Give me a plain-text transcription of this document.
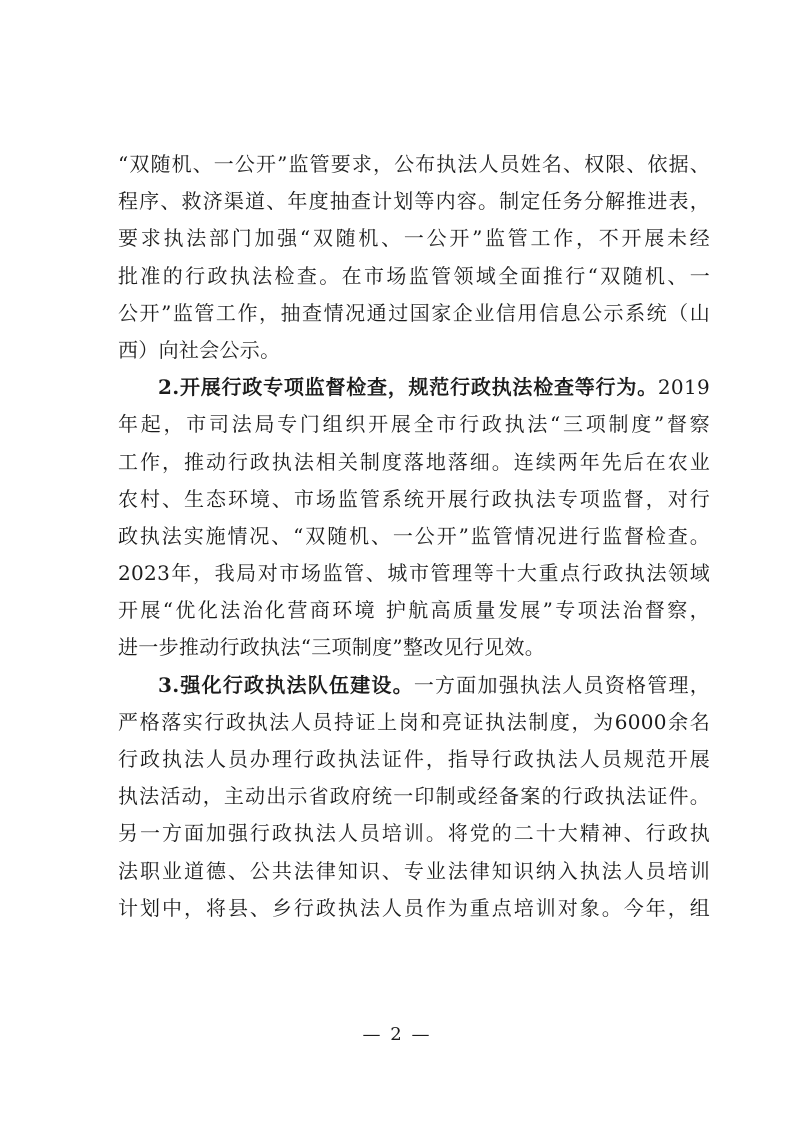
“双随机、一公开”监管要求，公布执法人员姓名、权限、依据、
程序、救济渠道、年度抽查计划等内容。制定任务分解推进表，
要求执法部门加强“双随机、一公开”监管工作，不开展未经
批准的行政执法检查。在市场监管领域全面推行“双随机、一
公开”监管工作，抽查情况通过国家企业信用信息公示系统（山
西）向社会公示。
2.开展行政专项监督检查，规范行政执法检查等行为。2019
年起，市司法局专门组织开展全市行政执法“三项制度”督察
工作，推动行政执法相关制度落地落细。连续两年先后在农业
农村、生态环境、市场监管系统开展行政执法专项监督，对行
政执法实施情况、“双随机、一公开”监管情况进行监督检查。
2023年，我局对市场监管、城市管理等十大重点行政执法领域
开展“优化法治化营商环境 护航高质量发展”专项法治督察，
进一步推动行政执法“三项制度”整改见行见效。
3.强化行政执法队伍建设。一方面加强执法人员资格管理，
严格落实行政执法人员持证上岗和亮证执法制度，为6000余名
行政执法人员办理行政执法证件，指导行政执法人员规范开展
执法活动，主动出示省政府统一印制或经备案的行政执法证件。
另一方面加强行政执法人员培训。将党的二十大精神、行政执
法职业道德、公共法律知识、专业法律知识纳入执法人员培训
计划中，将县、乡行政执法人员作为重点培训对象。今年，组
— 2 —
